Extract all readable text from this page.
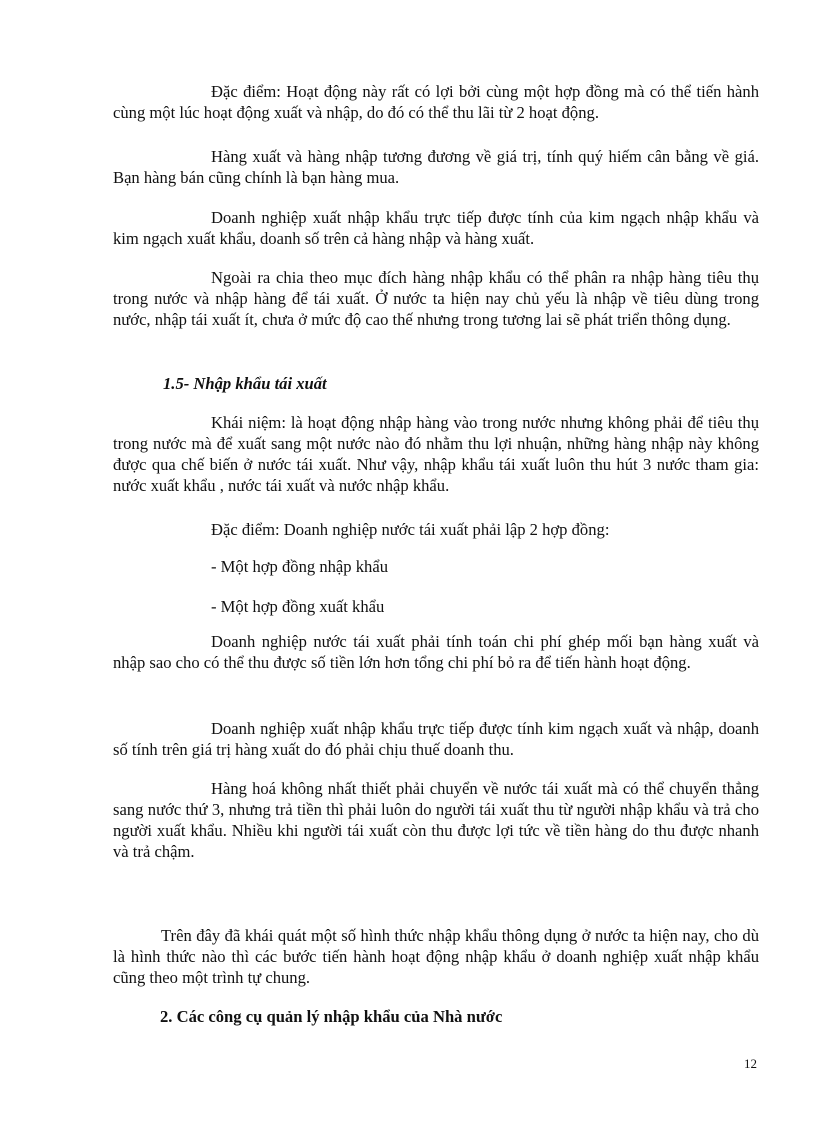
Đặc điểm: Hoạt động này rất có lợi bởi cùng một hợp đồng mà có thể tiến hành cùng một lúc hoạt động xuất và nhập, do đó có thể thu lãi từ 2 hoạt động.

Hàng xuất và hàng nhập tương đương về giá trị, tính quý hiếm cân bằng về giá. Bạn hàng bán cũng chính là bạn hàng mua.

Doanh nghiệp xuất nhập khẩu trực tiếp được tính của kim ngạch nhập khẩu và kim ngạch xuất khẩu, doanh số trên cả hàng nhập và hàng xuất.

Ngoài ra chia theo mục đích hàng nhập khẩu có thể phân ra nhập hàng tiêu thụ trong nước và nhập hàng để tái xuất. Ở nước ta hiện nay chủ yếu là nhập về tiêu dùng trong nước, nhập tái xuất ít, chưa ở mức độ cao thế nhưng trong tương lai sẽ phát triển thông dụng.

1.5- Nhập khẩu tái xuất

Khái niệm: là hoạt động nhập hàng vào trong nước nhưng không phải để tiêu thụ trong nước mà để xuất sang một nước nào đó nhằm thu lợi nhuận, những hàng nhập này không được qua chế biến ở nước tái xuất. Như vậy, nhập khẩu tái xuất luôn thu hút 3 nước tham gia: nước xuất khẩu , nước tái xuất và nước nhập khẩu.

Đặc điểm: Doanh nghiệp nước tái xuất phải lập 2 hợp đồng:

- Một hợp đồng nhập khẩu

- Một hợp đồng xuất khẩu

Doanh nghiệp nước tái xuất phải tính toán chi phí ghép mối bạn hàng xuất và nhập sao cho có thể thu được số tiền lớn hơn tổng chi phí bỏ ra để tiến hành hoạt động.

Doanh nghiệp xuất nhập khẩu trực tiếp được tính kim ngạch xuất và nhập, doanh số tính trên giá trị hàng xuất do đó phải chịu thuế doanh thu.

Hàng hoá không nhất thiết phải chuyển về nước tái xuất mà có thể chuyển thẳng sang nước thứ 3, nhưng trả tiền thì phải luôn do người tái xuất thu từ người nhập khẩu và trả cho người xuất khẩu. Nhiều khi người tái xuất còn thu được lợi tức về tiền hàng do thu được nhanh và trả chậm.

Trên đây đã khái quát một số hình thức nhập khẩu thông dụng ở nước ta hiện nay, cho dù là hình thức nào thì các bước tiến hành hoạt động nhập khẩu ở doanh nghiệp xuất nhập khẩu cũng theo một trình tự chung.

2. Các công cụ quản lý nhập khẩu của Nhà nước

12
